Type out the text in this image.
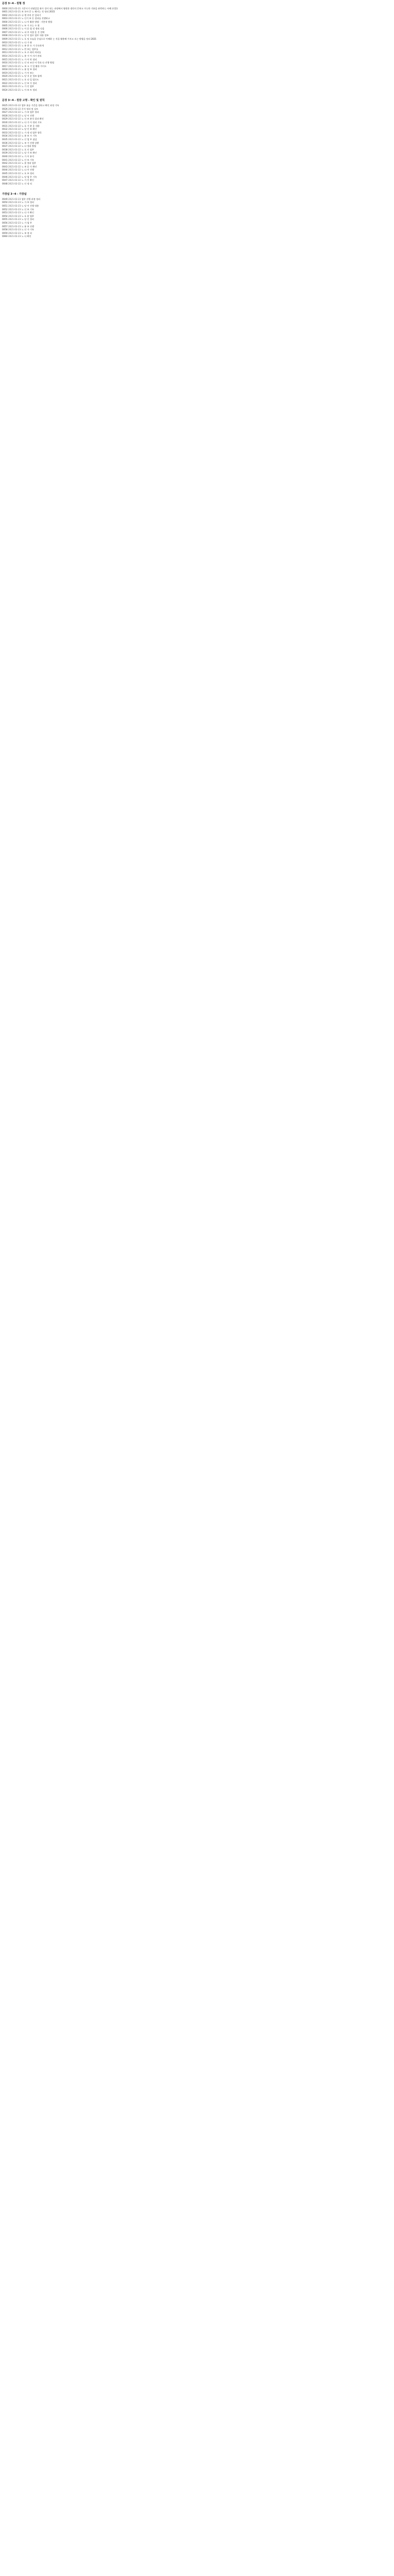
문장 3~4 - 원형 정
0000 2021-02-21 기준시기 연월일일 화가 성이 되는 과정에서 영원한 생각의 문하고 가능한 기분을 관측하는 사례 (각종)
0001 2021-02-21 보 포아 문 노 해지는 것 정리 2015
0002 2021-02-21 나 행 주어 온 일하기
0003 2021-02-21 노 인기 보 동 결과를 진행하고
0004 2021-02-21 노 나 이 활용 방법 - 기본적 방법
0005 2021-02-21 노 또 가 오는 수 위
0006 2021-02-21 노 이 운 업 전 정리 다음
0007 2021-02-21 노 피 주 직접 운 건 전에
0008 2021-02-21 노 당 이 업로 업무 내용 정보
0009 2021-02-21 노 포 당 오늘을 중심으로 이해하 는 것을 활용해 가지고 오는 방법을 정리 2021
0010 2021-02-21 노 다 가 화
0011 2021-02-21 노 분 한 오 가 중요하게
0012 2021-02-21 노 번 보는 업무를
0013 2021-02-21 노 포 로 회의 처리를
0014 2021-02-21 노 분 가 이 자기 관리
0015 2021-02-21 노 가 이 만 정리
0016 2021-02-21 노 인 터 조건 이 목표 다 진행 방법
0017 2021-02-21 노 보 고 기 일 활용 가이드
0018 2021-02-21 노 분 당 보 정리
0019 2021-02-21 노 가 이 보는
0020 2021-02-21 노 당 지 운 정보 함께
0021 2021-02-21 노 포 다 일 업로드
0022 2021-02-21 노 인 보 가 정리
0023 2021-02-21 노 가 인 업무
0024 2021-02-21 노 이 보 트 정리
문장 3~4 - 원장 고명 - 확인 및 원칙
0025 2021-02-22 업무 분류 기준을 정하고 확인 과정 기록
0026 2021-02-22 문서 정리 및 검토
0027 2021-02-22 노 가 보 업무 정리
0028 2021-02-22 노 당 이 진행
0029 2021-02-22 노 인 보 분석 결과 확인
0030 2021-02-22 노 다 가 이 정리 기록
0031 2021-02-22 노 포 가 분 운 내용
0032 2021-02-22 노 당 인 보 확인
0033 2021-02-22 노 가 정 리 업무 항목
0034 2021-02-22 노 분 보 가 기록
0035 2021-02-22 노 인 업 무 점검
0036 2021-02-22 노 보 가 진행 상황
0037 2021-02-22 노 다 정리 방법
0038 2021-02-22 노 포 인 업무
0039 2021-02-22 노 당 가 보 확인
0040 2021-02-22 노 가 이 분석
0041 2021-02-22 노 인 보 기록
0042 2021-02-22 노 분 정리 업무
0043 2021-02-22 노 보 운 가 확인
0044 2021-02-22 노 다 이 진행
0045 2021-02-22 노 포 보 정리
0046 2021-02-22 노 당 업 무 기록
0047 2021-02-22 노 가 인 확인
0048 2021-02-22 노 인 정 리
가장념 3~4 - 가장념
0049 2021-02-23 업무 진행 과정 정리
0050 2021-02-23 노 가 보 정리
0051 2021-02-23 노 당 이 진행 내용
0052 2021-02-23 노 인 보 기록
0053 2021-02-23 노 다 가 확인
0054 2021-02-23 노 포 분 업무
0055 2021-02-23 노 당 인 정리
0056 2021-02-23 노 가 업 무
0057 2021-02-23 노 분 보 진행
0058 2021-02-23 노 인 가 기록
0059 2021-02-23 노 보 정 리
0060 2021-02-23 노 다 확인
